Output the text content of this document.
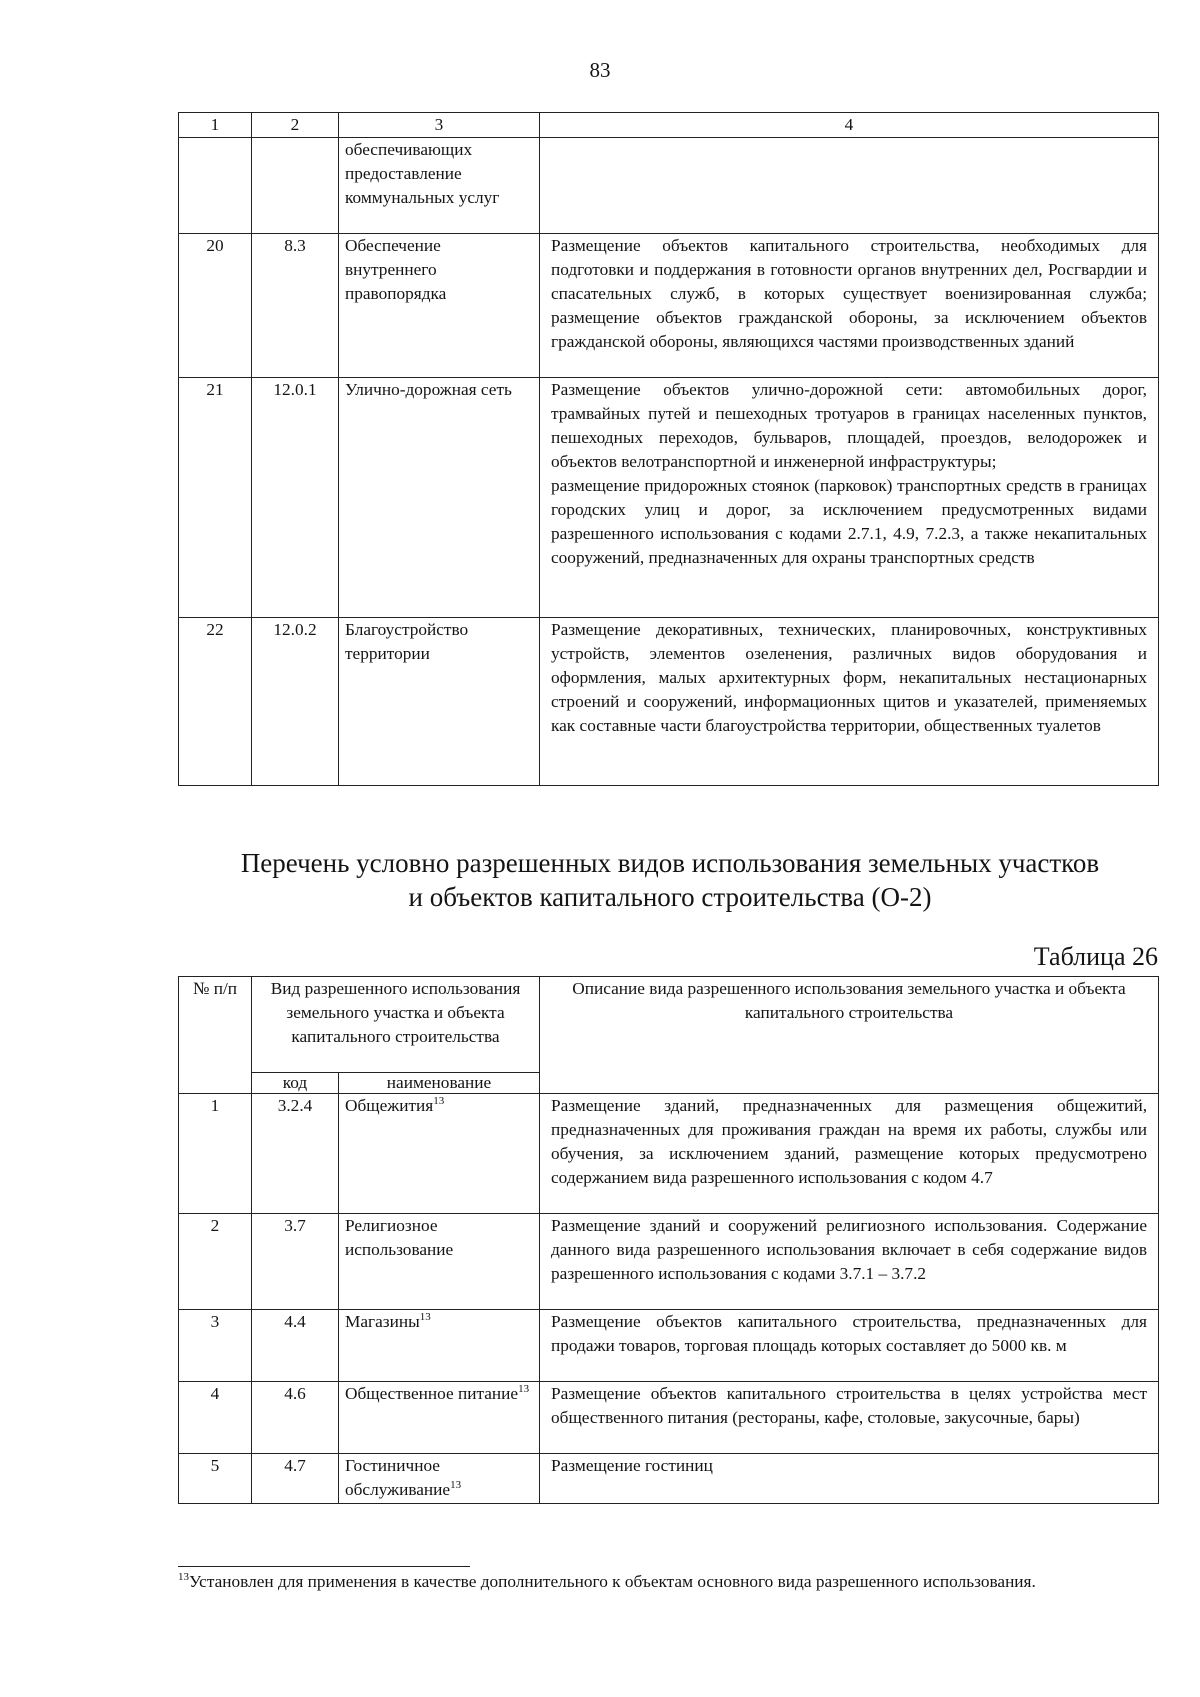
83
1	2	3	4
		обеспечивающих предоставление коммунальных услуг	
20	8.3	Обеспечение внутреннего правопорядка	Размещение объектов капитального строительства, необходимых для подготовки и поддержания в готовности органов внутренних дел, Росгвардии и спасательных служб, в которых существует военизированная служба; размещение объектов гражданской обороны, за исключением объектов гражданской обороны, являющихся частями производственных зданий
21	12.0.1	Улично-дорожная сеть	Размещение объектов улично-дорожной сети: автомобильных дорог, трамвайных путей и пешеходных тротуаров в границах населенных пунктов, пешеходных переходов, бульваров, площадей, проездов, велодорожек и объектов велотранспортной и инженерной инфраструктуры;
размещение придорожных стоянок (парковок) транспортных средств в границах городских улиц и дорог, за исключением предусмотренных видами разрешенного использования с кодами 2.7.1, 4.9, 7.2.3, а также некапитальных сооружений, предназначенных для охраны транспортных средств

22	12.0.2	Благоустройство территории	Размещение декоративных, технических, планировочных, конструктивных устройств, элементов озеленения, различных видов оборудования и оформления, малых архитектурных форм, некапитальных нестационарных строений и сооружений, информационных щитов и указателей, применяемых как составные части благоустройства территории, общественных туалетов
Перечень условно разрешенных видов использования земельных участков
и объектов капитального строительства (О-2)
Таблица 26
№ п/п	Вид разрешенного использования земельного участка и объекта капитального строительства		Описание вида разрешенного использования земельного участка и объекта капитального строительства
	код	наименование	
1	3.2.4	Общежития$^{13}$	Размещение зданий, предназначенных для размещения общежитий, предназначенных для проживания граждан на время их работы, службы или обучения, за исключением зданий, размещение которых предусмотрено содержанием вида разрешенного использования с кодом 4.7
2	3.7	Религиозное использование	Размещение зданий и сооружений религиозного использования. Содержание данного вида разрешенного использования включает в себя содержание видов разрешенного использования с кодами 3.7.1 – 3.7.2
3	4.4	Магазины$^{13}$	Размещение объектов капитального строительства, предназначенных для продажи товаров, торговая площадь которых составляет до 5000 кв. м
4	4.6	Общественное питание$^{13}$	Размещение объектов капитального строительства в целях устройства мест общественного питания (рестораны, кафе, столовые, закусочные, бары)
5	4.7	Гостиничное обслуживание$^{13}$	Размещение гостиниц
$^{13}$Установлен для применения в качестве дополнительного к объектам основного вида разрешенного использования.
